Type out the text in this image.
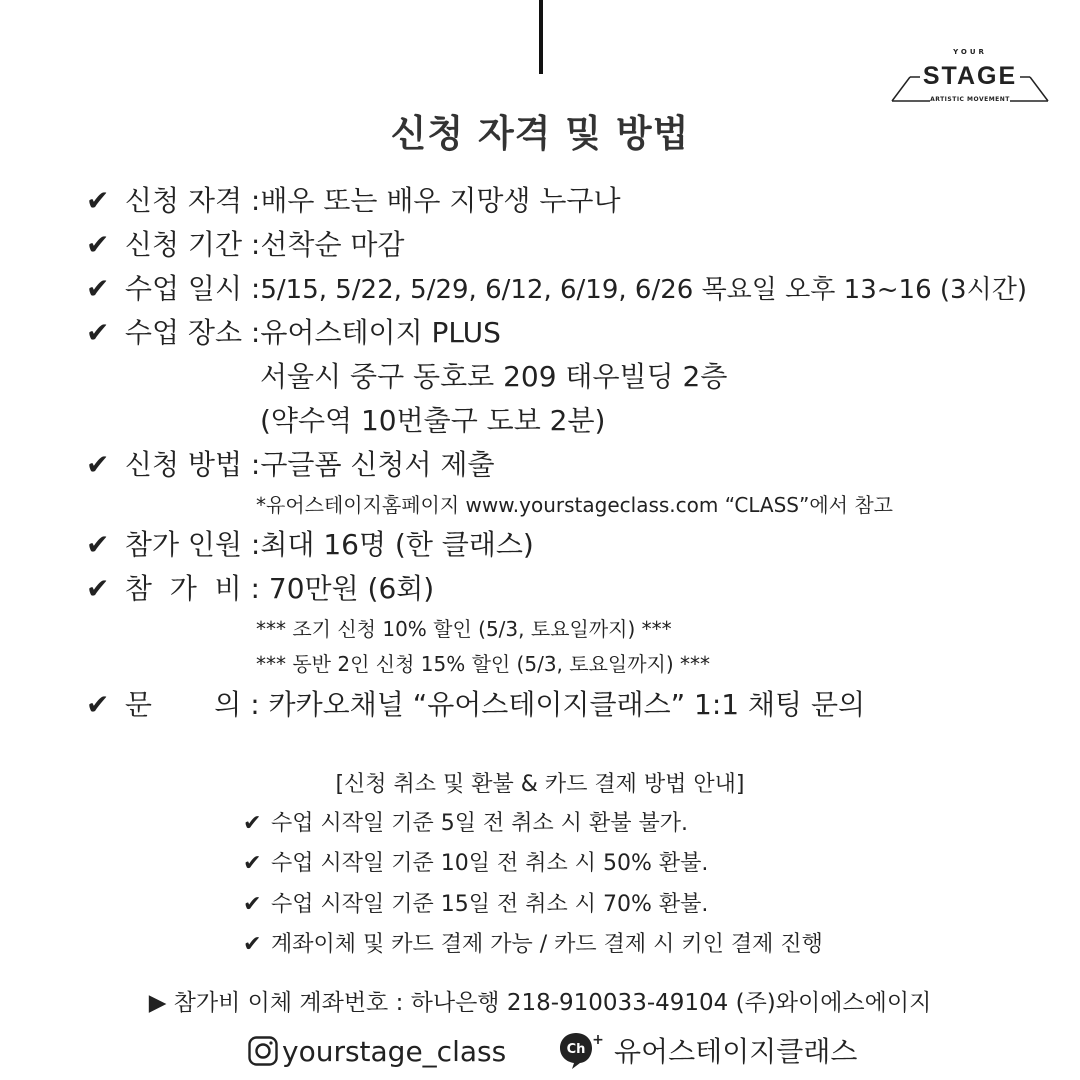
YOUR
STAGE
ARTISTIC MOVEMENT
신청 자격 및 방법
✔ 신청 자격 :배우 또는 배우 지망생 누구나
✔ 신청 기간 :선착순 마감
✔ 수업 일시 :5/15, 5/22, 5/29, 6/12, 6/19, 6/26 목요일 오후 13~16 (3시간)
✔ 수업 장소 :유어스테이지 PLUS
서울시 중구 동호로 209 태우빌딩 2층
(약수역 10번출구 도보 2분)
✔ 신청 방법 :구글폼 신청서 제출
*유어스테이지홈페이지 www.yourstageclass.com “CLASS”에서 참고
✔ 참가 인원 :최대 16명 (한 클래스)
✔ 참  가  비 : 70만원 (6회)
*** 조기 신청 10% 할인 (5/3, 토요일까지) ***
*** 동반 2인 신청 15% 할인 (5/3, 토요일까지) ***
✔ 문       의 : 카카오채널 “유어스테이지클래스” 1:1 채팅 문의
[신청 취소 및 환불 & 카드 결제 방법 안내]
✔ 수업 시작일 기준 5일 전 취소 시 환불 불가.
✔ 수업 시작일 기준 10일 전 취소 시 50% 환불.
✔ 수업 시작일 기준 15일 전 취소 시 70% 환불.
✔ 계좌이체 및 카드 결제 가능 / 카드 결제 시 키인 결제 진행
▶ 참가비 이체 계좌번호 : 하나은행 218-910033-49104 (주)와이에스에이지
yourstage_class	Ch
+ 유어스테이지클래스
